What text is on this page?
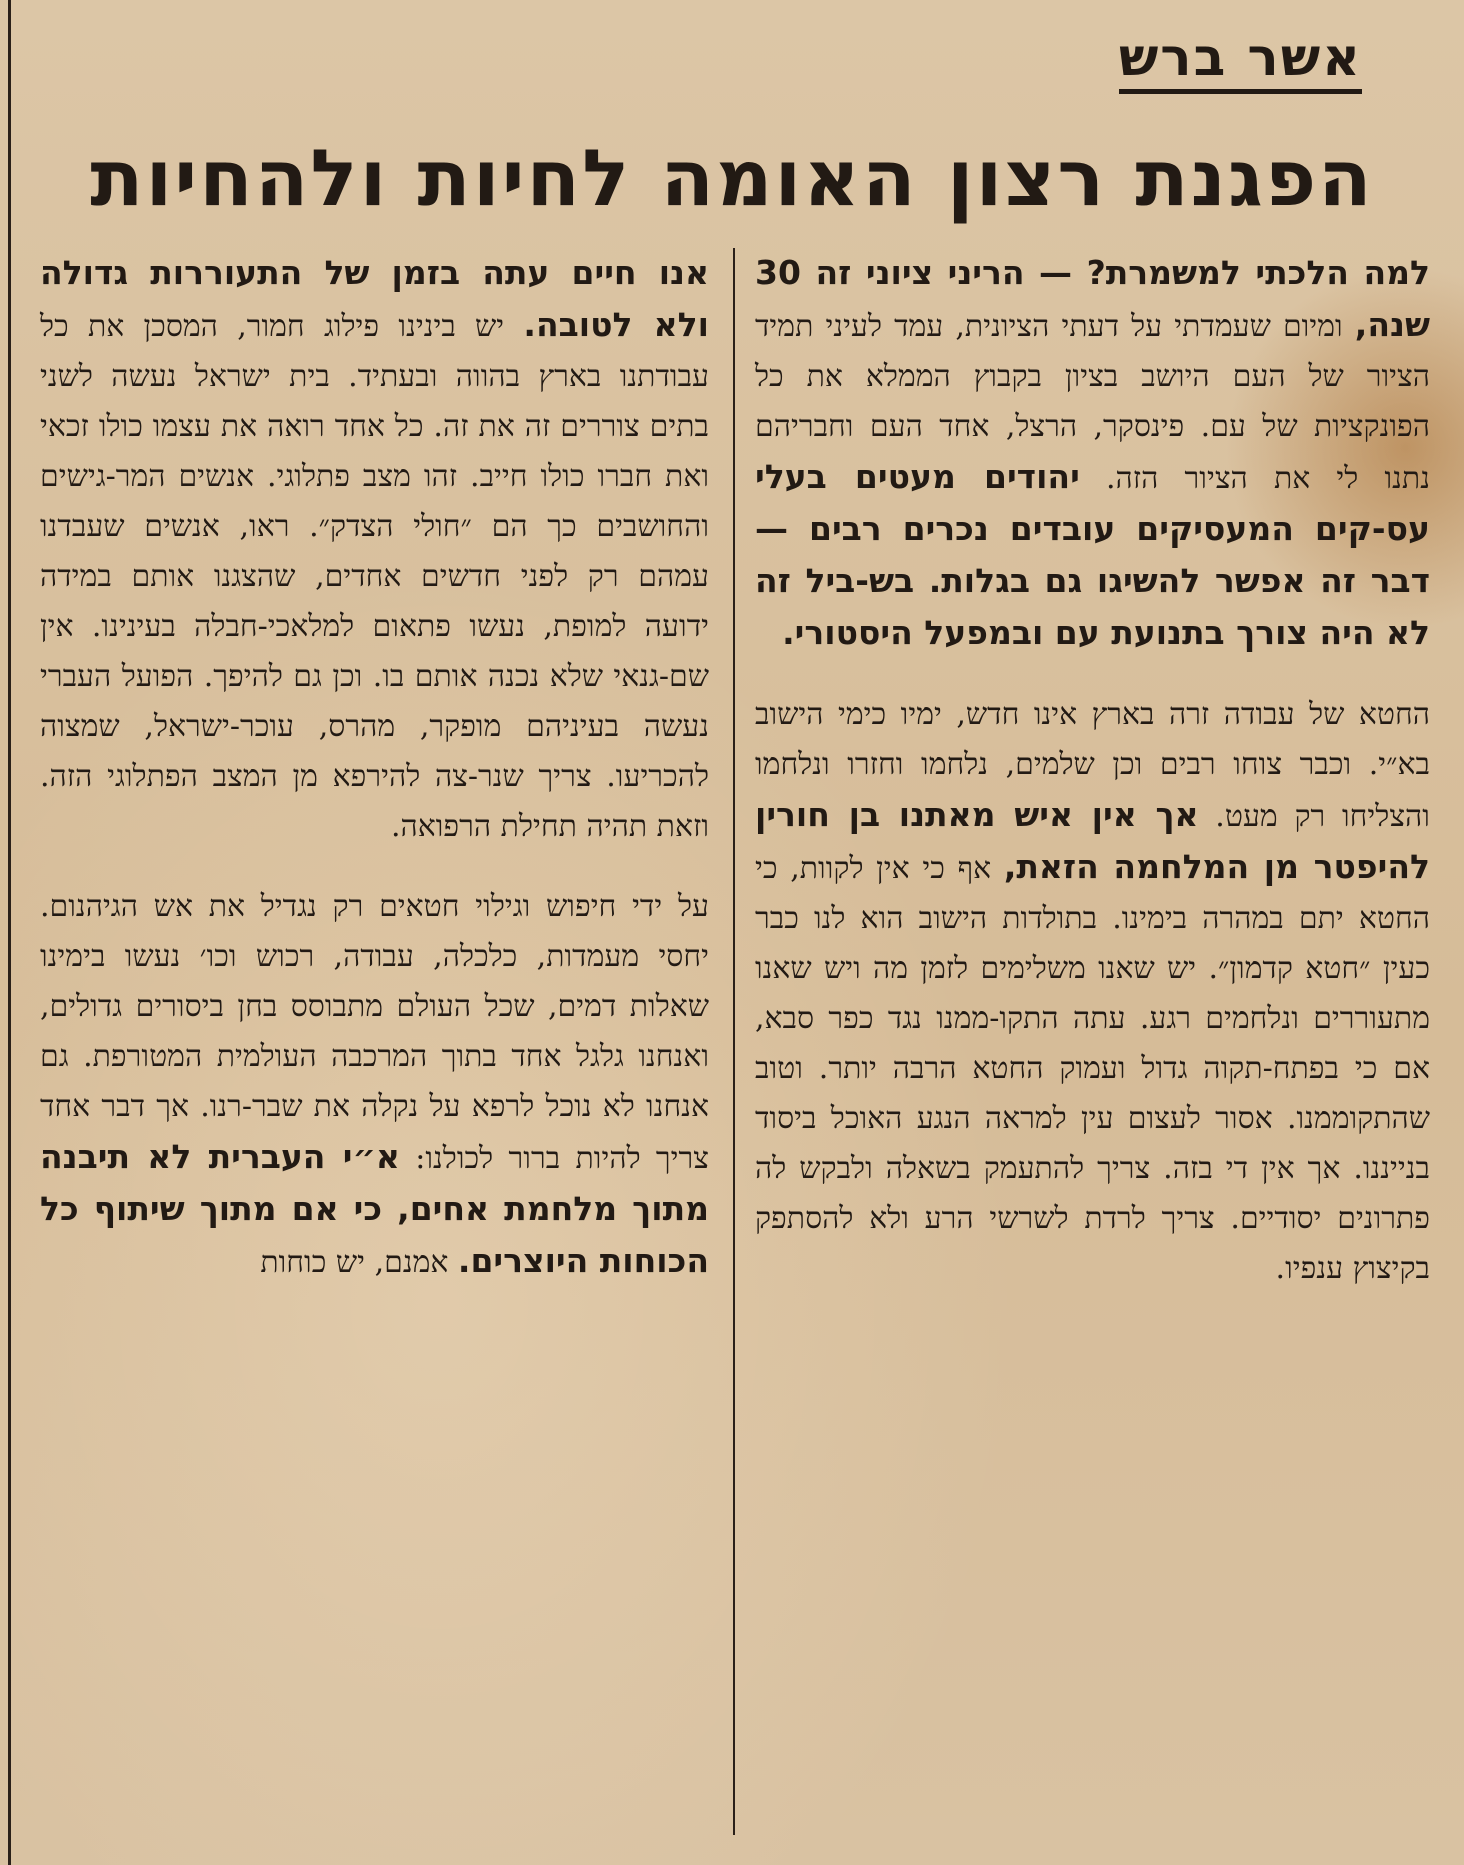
אשר ברש
הפגנת רצון האומה לחיות ולהחיות

למה הלכתי למשמרת? — הריני ציוני זה 30 שנה, ומיום שעמדתי על דעתי הציונית, עמד לעיני תמיד הציור של העם היושב בציון בקבוץ הממלא את כל הפונקציות של עם. פינסקר, הרצל, אחד העם וחבריהם נתנו לי את הציור הזה. יהודים מעטים בעלי עס-קים המעסיקים עובדים נכרים רבים — דבר זה אפשר להשיגו גם בגלות. בש-ביל זה לא היה צורך בתנועת עם ובמפעל היסטורי.

החטא של עבודה זרה בארץ אינו חדש, ימיו כימי הישוב בא״י. וכבר צוחו רבים וכן שלמים, נלחמו וחזרו ונלחמו והצליחו רק מעט. אך אין איש מאתנו בן חורין להיפטר מן המלחמה הזאת, אף כי אין לקוות, כי החטא יתם במהרה בימינו. בתולדות הישוב הוא לנו כבר כעין ״חטא קדמון״. יש שאנו משלימים לזמן מה ויש שאנו מתעוררים ונלחמים רגע. עתה התקו-ממנו נגד כפר סבא, אם כי בפתח-תקוה גדול ועמוק החטא הרבה יותר. וטוב שהתקוממנו. אסור לעצום עין למראה הנגע האוכל ביסוד בנייננו. אך אין די בזה. צריך להתעמק בשאלה ולבקש לה פתרונים יסודיים. צריך לרדת לשרשי הרע ולא להסתפק בקיצוץ ענפיו.

אנו חיים עתה בזמן של התעוררות גדולה ולא לטובה. יש בינינו פילוג חמור, המסכן את כל עבודתנו בארץ בהווה ובעתיד. בית ישראל נעשה לשני בתים צוררים זה את זה. כל אחד רואה את עצמו כולו זכאי ואת חברו כולו חייב. זהו מצב פתלוגי. אנשים המר-גישים והחושבים כך הם ״חולי הצדק״. ראו, אנשים שעבדנו עמהם רק לפני חדשים אחדים, שהצגנו אותם במידה ידועה למופת, נעשו פתאום למלאכי-חבלה בעינינו. אין שם-גנאי שלא נכנה אותם בו. וכן גם להיפך. הפועל העברי נעשה בעיניהם מופקר, מהרס, עוכר-ישראל, שמצוה להכריעו. צריך שנר-צה להירפא מן המצב הפתלוגי הזה. וזאת תהיה תחילת הרפואה.

על ידי חיפוש וגילוי חטאים רק נגדיל את אש הגיהנום. יחסי מעמדות, כלכלה, עבודה, רכוש וכו׳ נעשו בימינו שאלות דמים, שכל העולם מתבוסס בחן ביסורים גדולים, ואנחנו גלגל אחד בתוך המרכבה העולמית המטורפת. גם אנחנו לא נוכל לרפא על נקלה את שבר-רנו. אך דבר אחד צריך להיות ברור לכולנו: א״י העברית לא תיבנה מתוך מלחמת אחים, כי אם מתוך שיתוף כל הכוחות היוצרים. אמנם, יש כוחות
